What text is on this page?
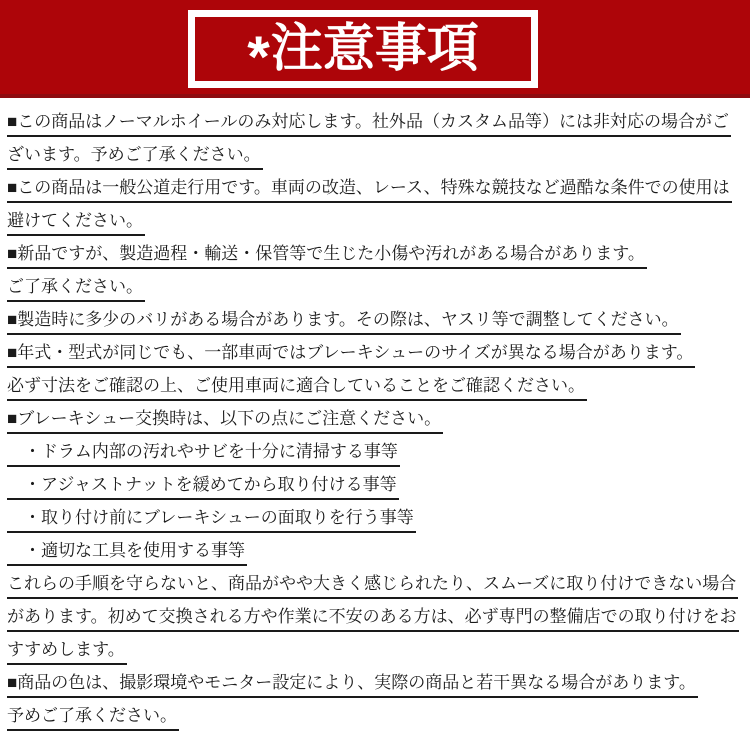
* 注意事項
■この商品はノーマルホイールのみ対応します。社外品（カスタム品等）には非対応の場合がご
ざいます。予めご了承ください。
■この商品は一般公道走行用です。車両の改造、レース、特殊な競技など過酷な条件での使用は
避けてください。
■新品ですが、製造過程・輸送・保管等で生じた小傷や汚れがある場合があります。
ご了承ください。
■製造時に多少のバリがある場合があります。その際は、ヤスリ等で調整してください。
■年式・型式が同じでも、一部車両ではブレーキシューのサイズが異なる場合があります。
必ず寸法をご確認の上、ご使用車両に適合していることをご確認ください。
■ブレーキシュー交換時は、以下の点にご注意ください。
　・ドラム内部の汚れやサビを十分に清掃する事等
　・アジャストナットを緩めてから取り付ける事等
　・取り付け前にブレーキシューの面取りを行う事等
　・適切な工具を使用する事等
これらの手順を守らないと、商品がやや大きく感じられたり、スムーズに取り付けできない場合
があります。初めて交換される方や作業に不安のある方は、必ず専門の整備店での取り付けをお
すすめします。
■商品の色は、撮影環境やモニター設定により、実際の商品と若干異なる場合があります。
予めご了承ください。
